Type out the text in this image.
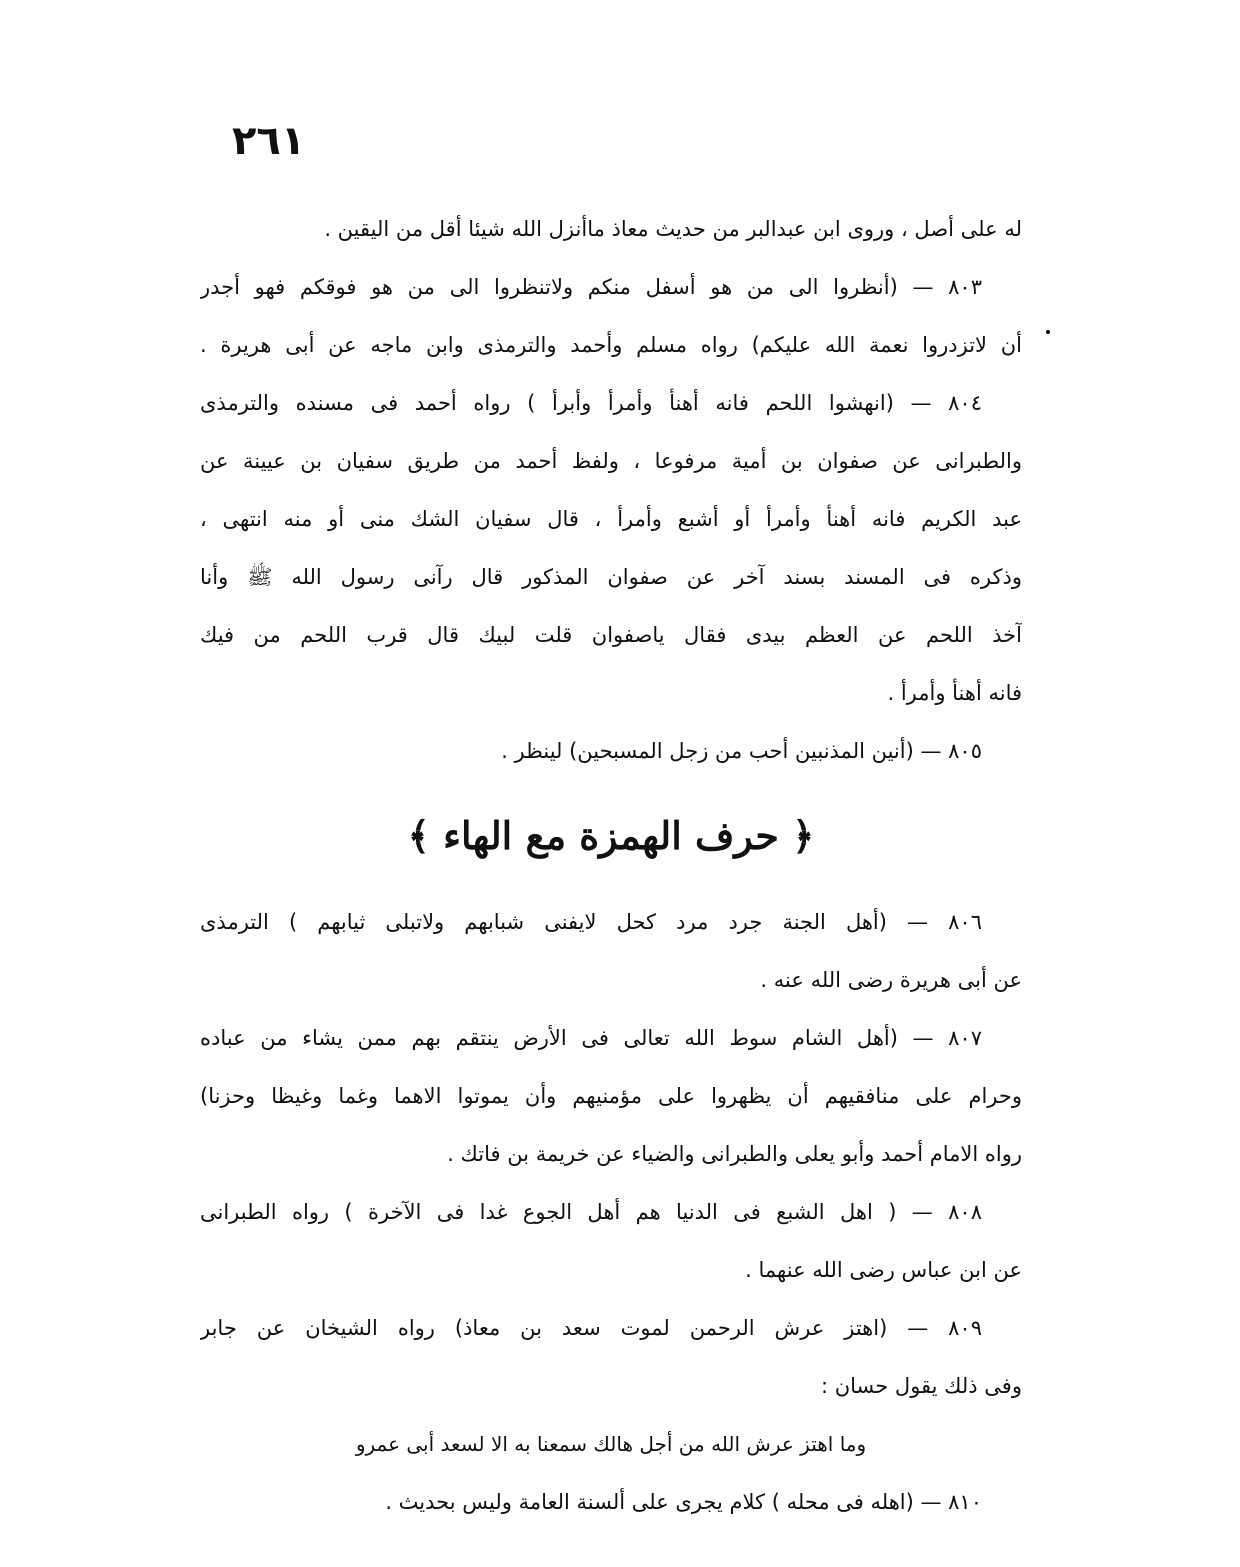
٢٦١
له على أصل ، وروى ابن عبدالبر من حديث معاذ ماأنزل الله شيئا أقل من اليقين .
٨٠٣ — (أنظروا الى من هو أسفل منكم ولاتنظروا الى من هو فوقكم فهو أجدر
أن لاتزدروا نعمة الله عليكم) رواه مسلم وأحمد والترمذى وابن ماجه عن أبى هريرة .
٨٠٤ — (انهشوا اللحم فانه أهنأ وأمرأ وأبرأ ) رواه أحمد فى مسنده والترمذى
والطبرانى عن صفوان بن أمية مرفوعا ، ولفظ أحمد من طريق سفيان بن عيينة عن
عبد الكريم فانه أهنأ وأمرأ أو أشبع وأمرأ ، قال سفيان الشك منى أو منه انتهى ،
وذكره فى المسند بسند آخر عن صفوان المذكور قال رآنى رسول الله ﷺ وأنا
آخذ اللحم عن العظم بيدى فقال ياصفوان قلت لبيك قال قرب اللحم من فيك
فانه أهنأ وأمرأ .
٨٠٥ — (أنين المذنبين أحب من زجل المسبحين) لينظر .
﴿ حرف الهمزة مع الهاء ﴾
٨٠٦ — (أهل الجنة جرد مرد كحل لايفنى شبابهم ولاتبلى ثيابهم ) الترمذى
عن أبى هريرة رضى الله عنه .
٨٠٧ — (أهل الشام سوط الله تعالى فى الأرض ينتقم بهم ممن يشاء من عباده
وحرام على منافقيهم أن يظهروا على مؤمنيهم وأن يموتوا الاهما وغما وغيظا وحزنا)
رواه الامام أحمد وأبو يعلى والطبرانى والضياء عن خريمة بن فاتك .
٨٠٨ — ( اهل الشبع فى الدنيا هم أهل الجوع غدا فى الآخرة ) رواه الطبرانى
عن ابن عباس رضى الله عنهما .
٨٠٩ — (اهتز عرش الرحمن لموت سعد بن معاذ) رواه الشيخان عن جابر
وفى ذلك يقول حسان :
وما اهتز عرش الله من أجل هالك سمعنا به الا لسعد أبى عمرو
٨١٠ — (اهله فى محله ) كلام يجرى على ألسنة العامة وليس بحديث .
